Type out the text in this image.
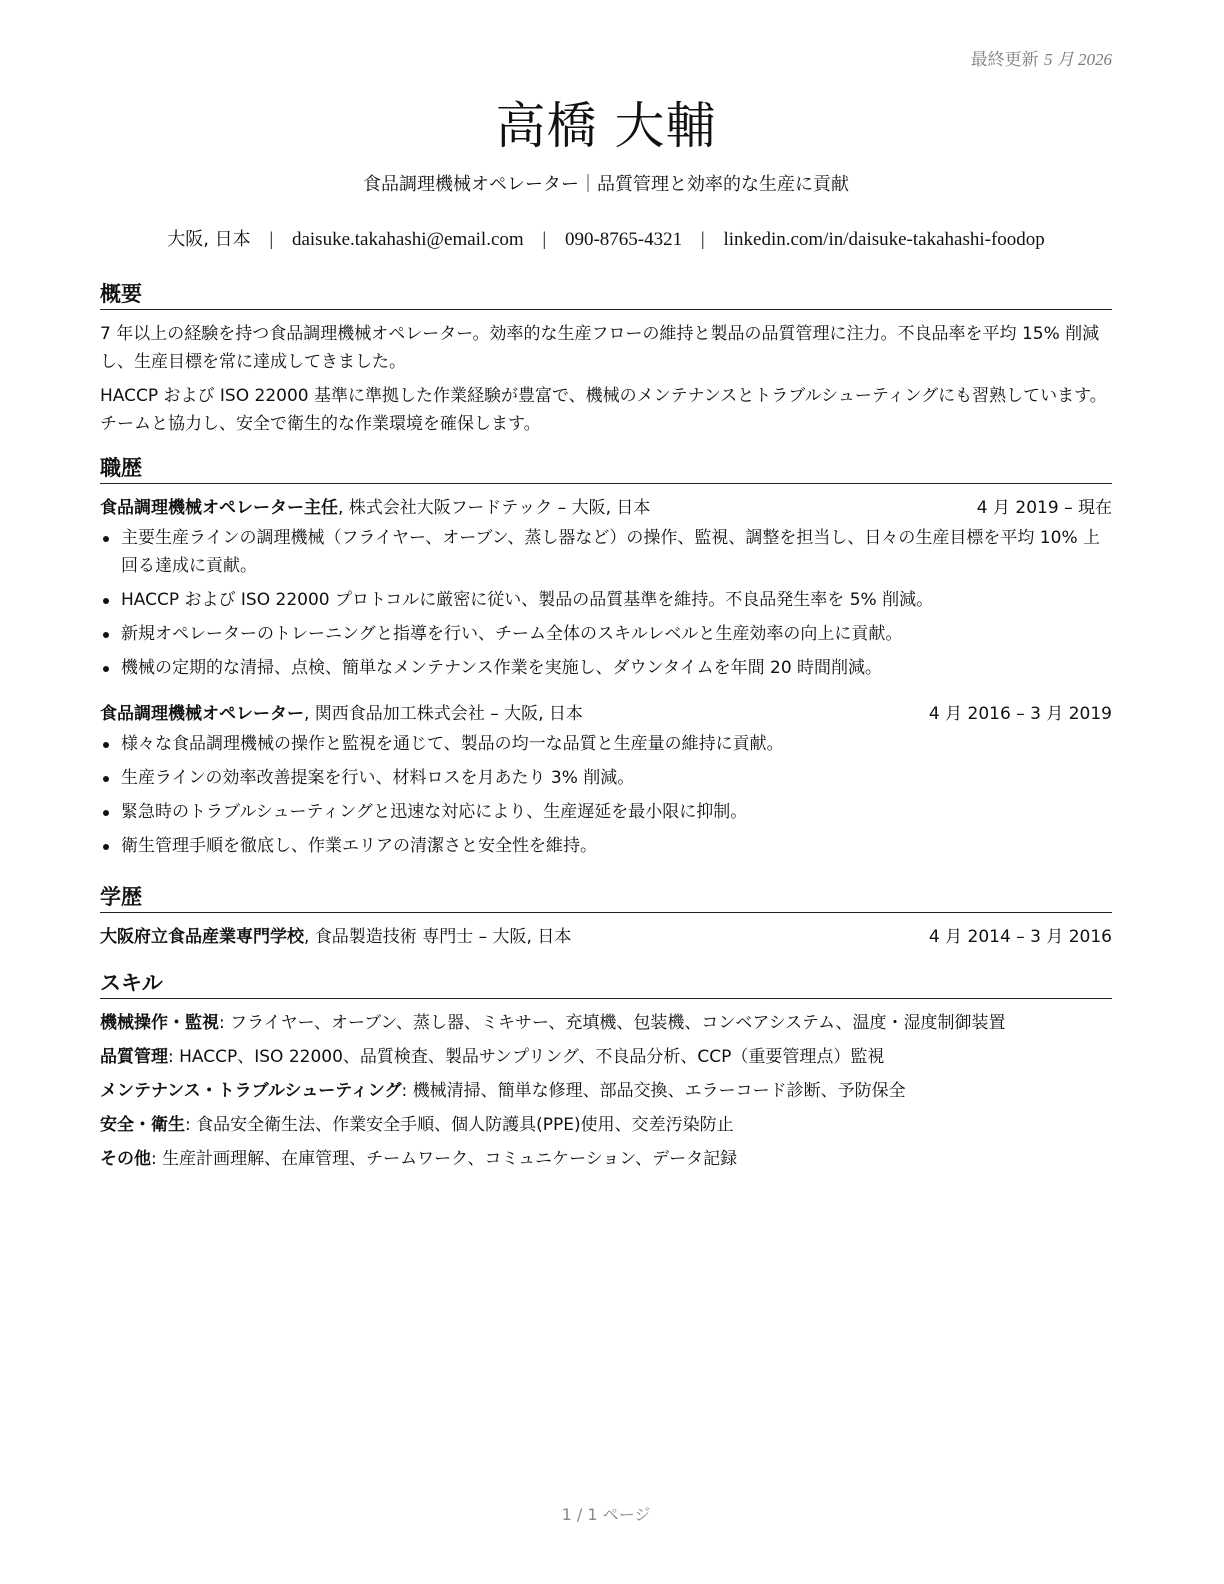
最終更新 5 月 2026
高橋 大輔
食品調理機械オペレーター｜品質管理と効率的な生産に貢献
大阪, 日本 | daisuke.takahashi@email.com | 090-8765-4321 | linkedin.com/in/daisuke-takahashi-foodop
概要

7 年以上の経験を持つ食品調理機械オペレーター。効率的な生産フローの維持と製品の品質管理に注力。不良品率を平均 15% 削減し、生産目標を常に達成してきました。

HACCP および ISO 22000 基準に準拠した作業経験が豊富で、機械のメンテナンスとトラブルシューティングにも習熟しています。チームと協力し、安全で衛生的な作業環境を確保します。

職歴
食品調理機械オペレーター主任, 株式会社大阪フードテック – 大阪, 日本	4 月 2019 – 現在
主要生産ラインの調理機械（フライヤー、オーブン、蒸し器など）の操作、監視、調整を担当し、日々の生産目標を平均 10% 上回る達成に貢献。
HACCP および ISO 22000 プロトコルに厳密に従い、製品の品質基準を維持。不良品発生率を 5% 削減。
新規オペレーターのトレーニングと指導を行い、チーム全体のスキルレベルと生産効率の向上に貢献。
機械の定期的な清掃、点検、簡単なメンテナンス作業を実施し、ダウンタイムを年間 20 時間削減。
食品調理機械オペレーター, 関西食品加工株式会社 – 大阪, 日本	4 月 2016 – 3 月 2019
様々な食品調理機械の操作と監視を通じて、製品の均一な品質と生産量の維持に貢献。
生産ラインの効率改善提案を行い、材料ロスを月あたり 3% 削減。
緊急時のトラブルシューティングと迅速な対応により、生産遅延を最小限に抑制。
衛生管理手順を徹底し、作業エリアの清潔さと安全性を維持。
学歴
大阪府立食品産業専門学校, 食品製造技術 専門士 – 大阪, 日本	4 月 2014 – 3 月 2016
スキル
機械操作・監視: フライヤー、オーブン、蒸し器、ミキサー、充填機、包装機、コンベアシステム、温度・湿度制御装置
品質管理: HACCP、ISO 22000、品質検査、製品サンプリング、不良品分析、CCP（重要管理点）監視
メンテナンス・トラブルシューティング: 機械清掃、簡単な修理、部品交換、エラーコード診断、予防保全
安全・衛生: 食品安全衛生法、作業安全手順、個人防護具(PPE)使用、交差汚染防止
その他: 生産計画理解、在庫管理、チームワーク、コミュニケーション、データ記録
1 / 1 ページ
